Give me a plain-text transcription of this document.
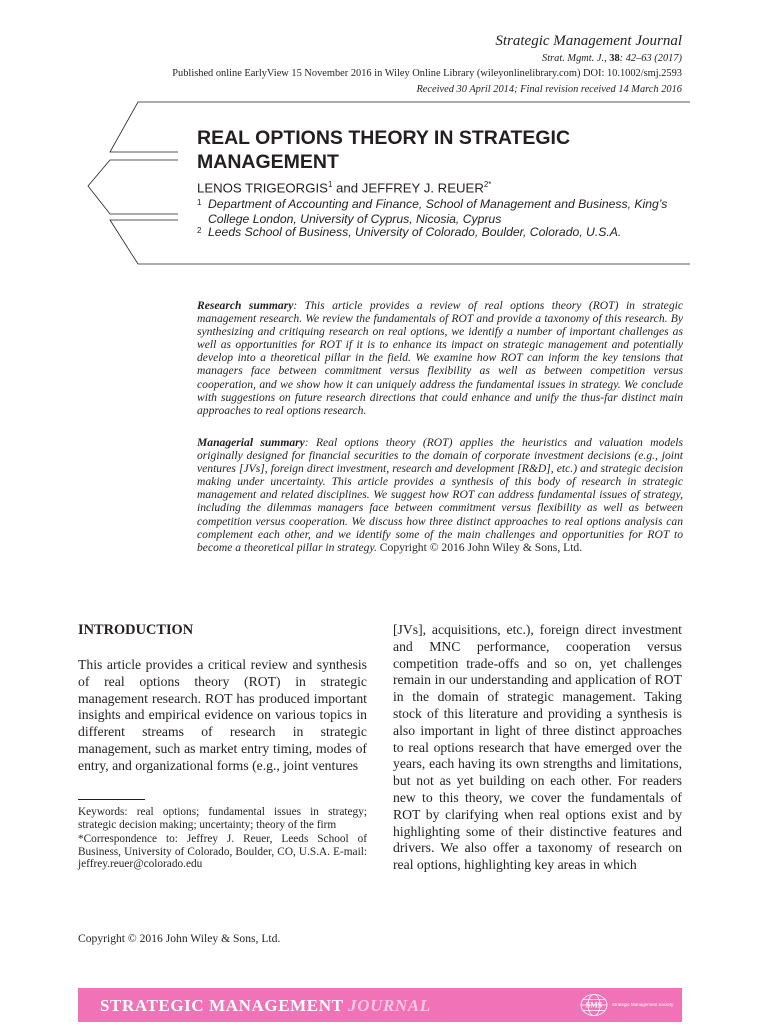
Strategic Management Journal
Strat. Mgmt. J., 38: 42–63 (2017)
Published online EarlyView 15 November 2016 in Wiley Online Library (wileyonlinelibrary.com) DOI: 10.1002/smj.2593
Received 30 April 2014; Final revision received 14 March 2016
REAL OPTIONS THEORY IN STRATEGIC MANAGEMENT
LENOS TRIGEORGIS$^1$ and JEFFREY J. $REUER^{2*}$
1 Department of Accounting and Finance, School of Management and Business, King’s College London, University of Cyprus, Nicosia, Cyprus
2 Leeds School of Business, University of Colorado, Boulder, Colorado, U.S.A.
Research summary: This article provides a review of real options theory (ROT) in strategic management research. We review the fundamentals of ROT and provide a taxonomy of this research. By synthesizing and critiquing research on real options, we identify a number of important challenges as well as opportunities for ROT if it is to enhance its impact on strategic management and potentially develop into a theoretical pillar in the field. We examine how ROT can inform the key tensions that managers face between commitment versus flexibility as well as between competition versus cooperation, and we show how it can uniquely address the fundamental issues in strategy. We conclude with suggestions on future research directions that could enhance and unify the thus-far distinct main approaches to real options research.
Managerial summary: Real options theory (ROT) applies the heuristics and valuation models originally designed for financial securities to the domain of corporate investment decisions (e.g., joint ventures [JVs], foreign direct investment, research and development [R&D], etc.) and strategic decision making under uncertainty. This article provides a synthesis of this body of research in strategic management and related disciplines. We suggest how ROT can address fundamental issues of strategy, including the dilemmas managers face between commitment versus flexibility as well as between competition versus cooperation. We discuss how three distinct approaches to real options analysis can complement each other, and we identify some of the main challenges and opportunities for ROT to become a theoretical pillar in strategy. Copyright © 2016 John Wiley & Sons, Ltd.
INTRODUCTION
This article provides a critical review and synthesis of real options theory (ROT) in strategic management research. ROT has produced important insights and empirical evidence on various topics in different streams of research in strategic management, such as market entry timing, modes of entry, and organizational forms (e.g., joint ventures
[JVs], acquisitions, etc.), foreign direct investment and MNC performance, cooperation versus competition trade-offs and so on, yet challenges remain in our understanding and application of ROT in the domain of strategic management. Taking stock of this literature and providing a synthesis is also important in light of three distinct approaches to real options research that have emerged over the years, each having its own strengths and limitations, but not as yet building on each other. For readers new to this theory, we cover the fundamentals of ROT by clarifying when real options exist and by highlighting some of their distinctive features and drivers. We also offer a taxonomy of research on real options, highlighting key areas in which
Keywords: real options; fundamental issues in strategy; strategic decision making; uncertainty; theory of the firm
*Correspondence to: Jeffrey J. Reuer, Leeds School of Business, University of Colorado, Boulder, CO, U.S.A. E-mail: jeffrey.reuer@colorado.edu
Copyright © 2016 John Wiley & Sons, Ltd.
STRATEGIC MANAGEMENT JOURNAL	SMS Strategic Management Society
